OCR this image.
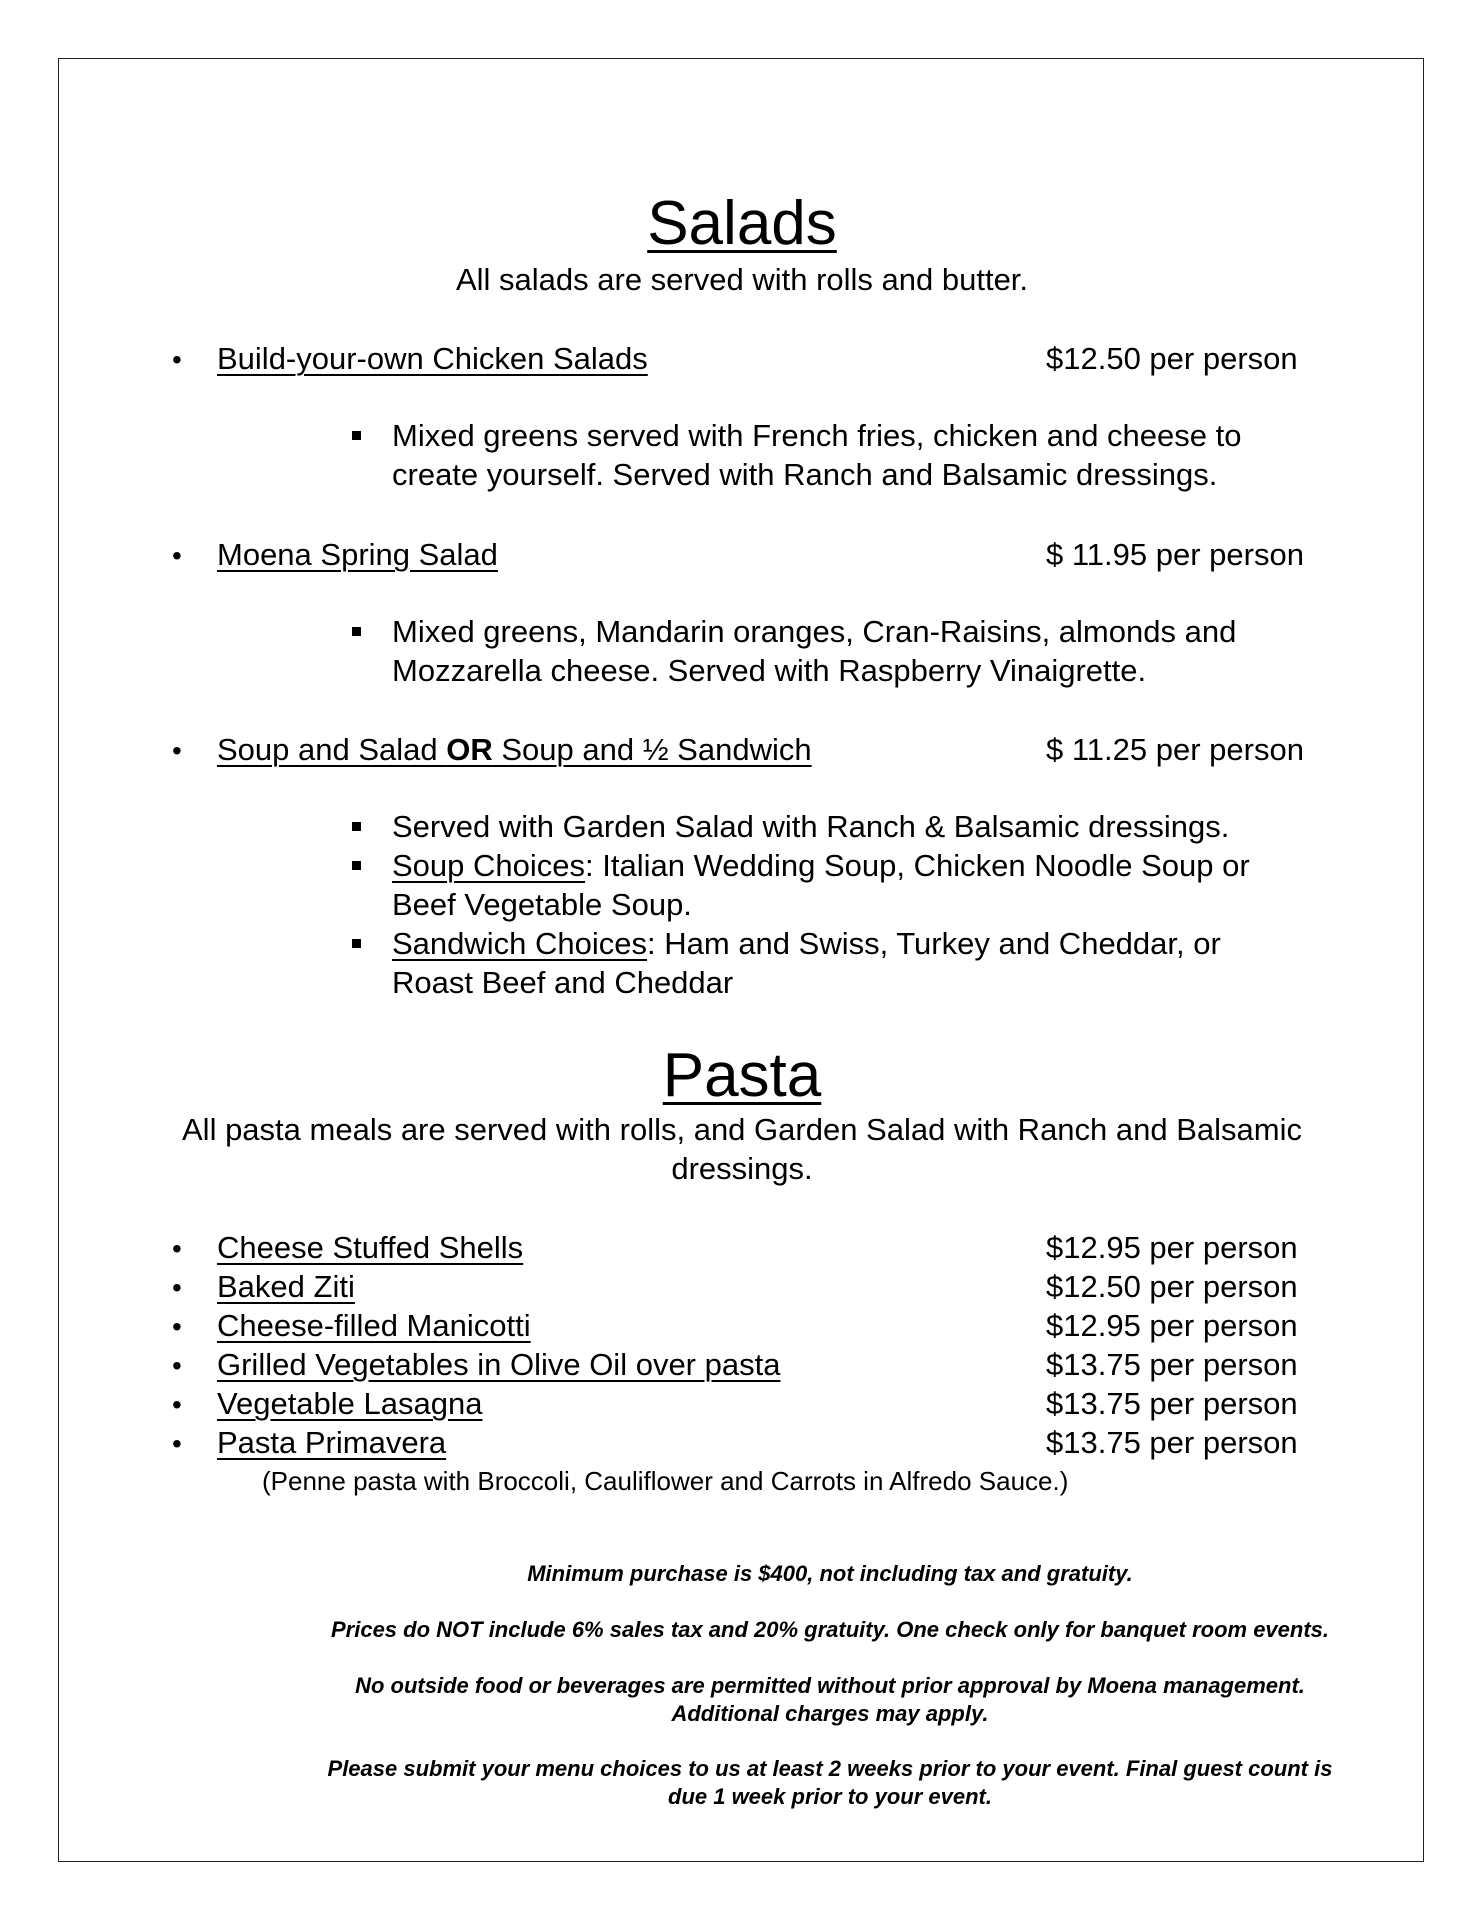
Salads
All salads are served with rolls and butter.
• Build-your-own Chicken Salads	$12.50 per person
Mixed greens served with French fries, chicken and cheese to
create yourself. Served with Ranch and Balsamic dressings.
• Moena Spring Salad	$ 11.95 per person
Mixed greens, Mandarin oranges, Cran-Raisins, almonds and
Mozzarella cheese. Served with Raspberry Vinaigrette.
• Soup and Salad OR Soup and ½ Sandwich	$ 11.25 per person
Served with Garden Salad with Ranch & Balsamic dressings.
Soup Choices: Italian Wedding Soup, Chicken Noodle Soup or
Beef Vegetable Soup.
Sandwich Choices: Ham and Swiss, Turkey and Cheddar, or
Roast Beef and Cheddar
Pasta
All pasta meals are served with rolls, and Garden Salad with Ranch and Balsamic
dressings.
• Cheese Stuffed Shells	$12.95 per person
• Baked Ziti	$12.50 per person
• Cheese-filled Manicotti	$12.95 per person
• Grilled Vegetables in Olive Oil over pasta	$13.75 per person
• Vegetable Lasagna	$13.75 per person
• Pasta Primavera	$13.75 per person
(Penne pasta with Broccoli, Cauliflower and Carrots in Alfredo Sauce.)
Minimum purchase is $400, not including tax and gratuity.
Prices do NOT include 6% sales tax and 20% gratuity. One check only for banquet room events.
No outside food or beverages are permitted without prior approval by Moena management.
Additional charges may apply.
Please submit your menu choices to us at least 2 weeks prior to your event. Final guest count is
due 1 week prior to your event.
